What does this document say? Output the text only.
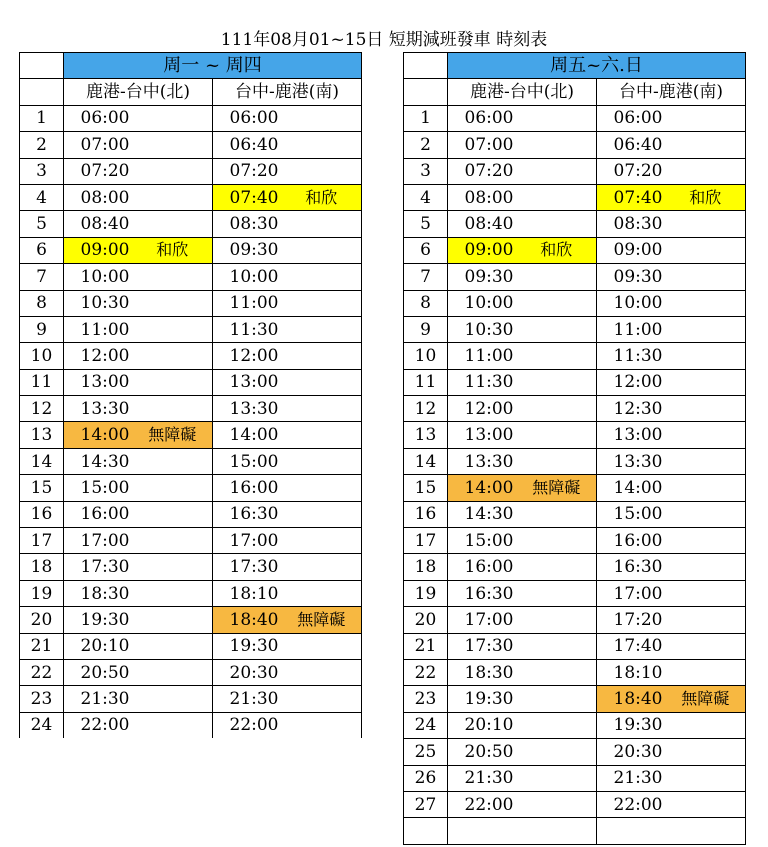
111年08月01~15日 短期減班發車 時刻表
	周一 ~ 周四			
	鹿港-台中(北)		台中-鹿港(南)	
1	06:00		06:00	
2	07:00		06:40	
3	07:20		07:20	
4	08:00		07:40	和欣
5	08:40		08:30	
6	09:00	和欣	09:30	
7	10:00		10:00	
8	10:30		11:00	
9	11:00		11:30	
10	12:00		12:00	
11	13:00		13:00	
12	13:30		13:30	
13	14:00	無障礙	14:00	
14	14:30		15:00	
15	15:00		16:00	
16	16:00		16:30	
17	17:00		17:00	
18	17:30		17:30	
19	18:30		18:10	
20	19:30		18:40	無障礙
21	20:10		19:30	
22	20:50		20:30	
23	21:30		21:30	
24	22:00		22:00	
	周五~六.日			
	鹿港-台中(北)		台中-鹿港(南)	
1	06:00		06:00	
2	07:00		06:40	
3	07:20		07:20	
4	08:00		07:40	和欣
5	08:40		08:30	
6	09:00	和欣	09:00	
7	09:30		09:30	
8	10:00		10:00	
9	10:30		11:00	
10	11:00		11:30	
11	11:30		12:00	
12	12:00		12:30	
13	13:00		13:00	
14	13:30		13:30	
15	14:00	無障礙	14:00	
16	14:30		15:00	
17	15:00		16:00	
18	16:00		16:30	
19	16:30		17:00	
20	17:00		17:20	
21	17:30		17:40	
22	18:30		18:10	
23	19:30		18:40	無障礙
24	20:10		19:30	
25	20:50		20:30	
26	21:30		21:30	
27	22:00		22:00	
